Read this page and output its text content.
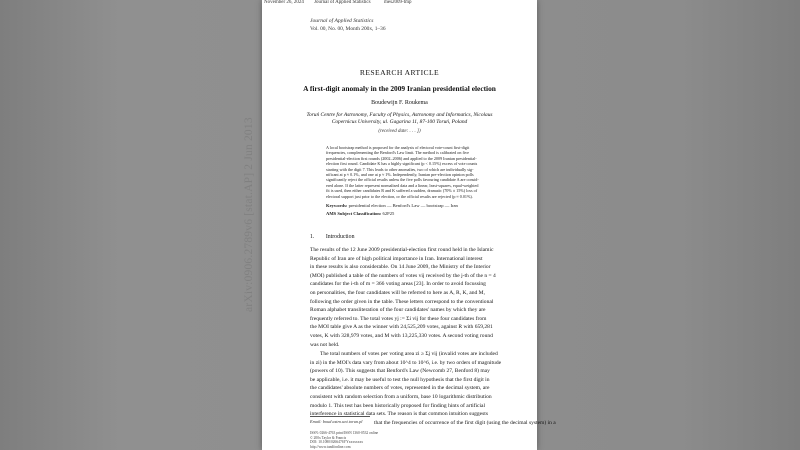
November 26, 2024 Journal of Applied Statistics	mes2009-tmp
Journal of Applied Statistics
Vol. 00, No. 00, Month 200x, 1–36
RESEARCH ARTICLE
A first-digit anomaly in the 2009 Iranian presidential election
Boudewijn F. Roukema
Toruń Centre for Astronomy, Faculty of Physics, Astronomy and Informatics, Nicolaus
Copernicus University, ul. Gagarina 11, 87-100 Toruń, Poland
(received date: . . . ])
A local bootstrap method is proposed for the analysis of electoral vote-count first-digit
frequencies, complementing the Benford's Law limit. The method is calibrated on five
presidential-election first rounds (2002–2006) and applied to the 2009 Iranian presidential-
election first round. Candidate K has a highly significant (p < 0.15%) excess of vote counts
starting with the digit 7. This leads to other anomalies, two of which are individually sig-
nificant at p ≈ 0.1%, and one at p ≈ 1%. Independently, Iranian pre-election opinion polls
significantly reject the official results unless the five polls favouring candidate A are consid-
ered alone. If the latter represent normalised data and a linear, least-squares, equal-weighted
fit is used, then either candidates R and K suffered a sudden, dramatic (70% ± 15%) loss of
electoral support just prior to the election, or the official results are rejected (p ≈ 0.01%).
Keywords: presidential election — Benford's Law — bootstrap — Iran
AMS Subject Classification: 62P25
1. Introduction
The results of the 12 June 2009 presidential-election first round held in the Islamic
Republic of Iran are of high political importance in Iran. International interest
in these results is also considerable. On 14 June 2009, the Ministry of the Interior
(MOI) published a table of the numbers of votes vij received by the j-th of the n = 4
candidates for the i-th of m = 366 voting areas [23]. In order to avoid focussing
on personalities, the four candidates will be referred to here as A, R, K, and M,
following the order given in the table. These letters correspond to the conventional
Roman alphabet transliteration of the four candidates' names by which they are
frequently referred to. The total votes yj := Σi vij for these four candidates from
the MOI table give A as the winner with 24,525,209 votes, against R with 659,281
votes, K with 328,979 votes, and M with 13,225,330 votes. A second voting round
was not held.
The total numbers of votes per voting area zi ≥ Σj vij (invalid votes are included
in zi) in the MOI's data vary from about 10^4 to 10^6, i.e. by two orders of magnitude
(powers of 10). This suggests that Benford's Law (Newcomb 27, Benford 8) may
be applicable, i.e. it may be useful to test the null hypothesis that the first digit in
the candidates' absolute numbers of votes, represented in the decimal system, are
consistent with random selection from a uniform, base 10 logarithmic distribution
modulo 1. This test has been historically proposed for finding hints of artificial
interference in statistical data sets. The reason is that common intuition suggests
that the frequencies of occurrence of the first digit (using the decimal system) in a
Email: boud astro.uni.torun.pl
ISSN: 0266-4763 print/ISSN 1360-0532 online
© 200x Taylor & Francis
DOI: 10.1080/0266476YYxxxxxxxx
http://www.tandfonline.com
arXiv:0906.2789v6 [stat.AP] 2 Jun 2013
